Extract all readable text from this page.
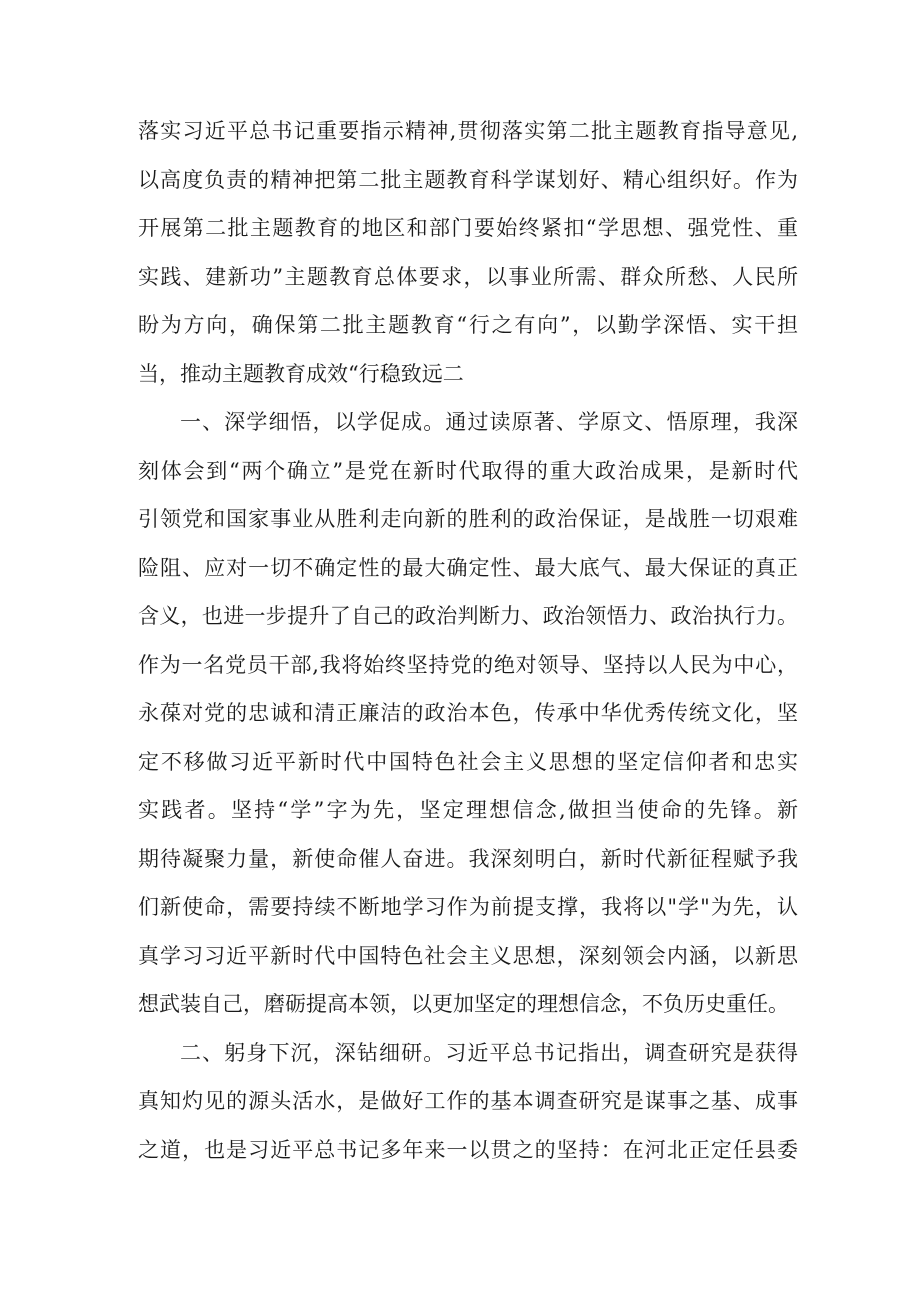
落实习近平总书记重要指示精神,贯彻落实第二批主题教育指导意见,
以高度负责的精神把第二批主题教育科学谋划好、精心组织好。作为
开展第二批主题教育的地区和部门要始终紧扣“学思想、强党性、重
实践、建新功”主题教育总体要求，以事业所需、群众所愁、人民所
盼为方向，确保第二批主题教育“行之有向”，以勤学深悟、实干担
当，推动主题教育成效“行稳致远二
一、深学细悟，以学促成。通过读原著、学原文、悟原理，我深
刻体会到“两个确立”是党在新时代取得的重大政治成果，是新时代
引领党和国家事业从胜利走向新的胜利的政治保证，是战胜一切艰难
险阻、应对一切不确定性的最大确定性、最大底气、最大保证的真正
含义，也进一步提升了自己的政治判断力、政治领悟力、政治执行力。
作为一名党员干部,我将始终坚持党的绝对领导、坚持以人民为中心，
永葆对党的忠诚和清正廉洁的政治本色，传承中华优秀传统文化，坚
定不移做习近平新时代中国特色社会主义思想的坚定信仰者和忠实
实践者。坚持“学”字为先，坚定理想信念,做担当使命的先锋。新
期待凝聚力量，新使命催人奋进。我深刻明白，新时代新征程赋予我
们新使命，需要持续不断地学习作为前提支撑，我将以"学"为先，认
真学习习近平新时代中国特色社会主义思想，深刻领会内涵，以新思
想武装自己，磨砺提高本领，以更加坚定的理想信念，不负历史重任。
二、躬身下沉，深钻细研。习近平总书记指出，调查研究是获得
真知灼见的源头活水，是做好工作的基本调查研究是谋事之基、成事
之道，也是习近平总书记多年来一以贯之的坚持：在河北正定任县委
